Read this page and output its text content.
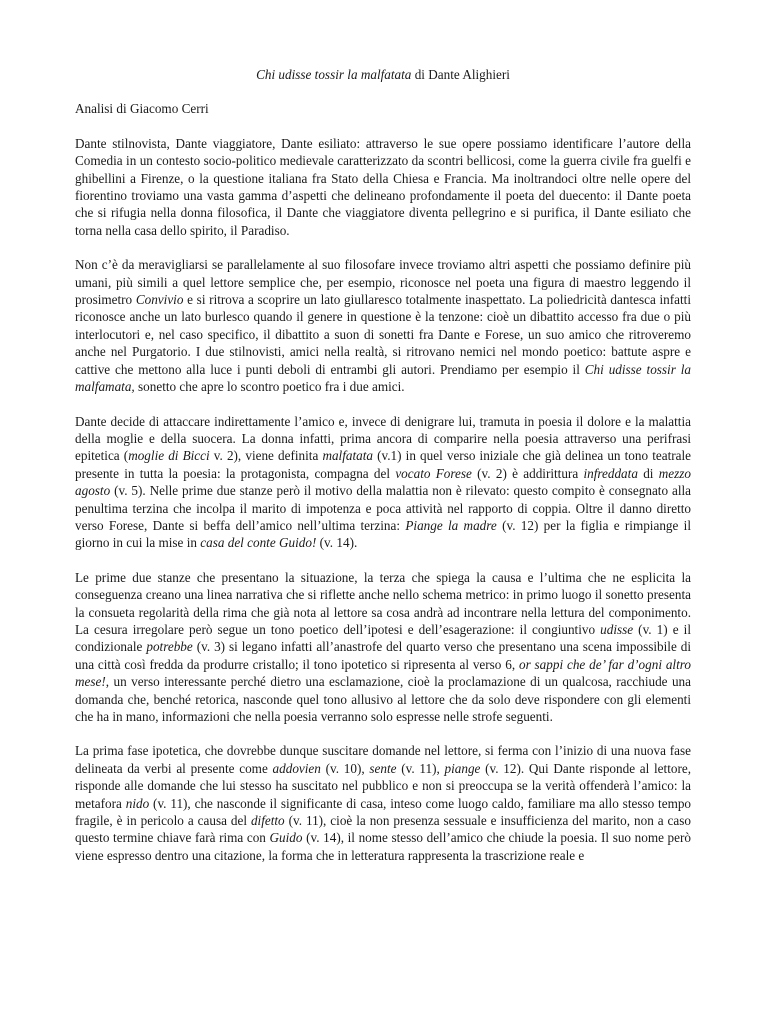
Chi udisse tossir la malfatata di Dante Alighieri
Analisi di Giacomo Cerri

Dante stilnovista, Dante viaggiatore, Dante esiliato: attraverso le sue opere possiamo identificare l’autore della Comedia in un contesto socio-politico medievale caratterizzato da scontri bellicosi, come la guerra civile fra guelfi e ghibellini a Firenze, o la questione italiana fra Stato della Chiesa e Francia. Ma inoltrandoci oltre nelle opere del fiorentino troviamo una vasta gamma d’aspetti che delineano profondamente il poeta del duecento: il Dante poeta che si rifugia nella donna filosofica, il Dante che viaggiatore diventa pellegrino e si purifica, il Dante esiliato che torna nella casa dello spirito, il Paradiso.

Non c’è da meravigliarsi se parallelamente al suo filosofare invece troviamo altri aspetti che possiamo definire più umani, più simili a quel lettore semplice che, per esempio, riconosce nel poeta una figura di maestro leggendo il prosimetro Convivio e si ritrova a scoprire un lato giullaresco totalmente inaspettato. La poliedricità dantesca infatti riconosce anche un lato burlesco quando il genere in questione è la tenzone: cioè un dibattito accesso fra due o più interlocutori e, nel caso specifico, il dibattito a suon di sonetti fra Dante e Forese, un suo amico che ritroveremo anche nel Purgatorio. I due stilnovisti, amici nella realtà, si ritrovano nemici nel mondo poetico: battute aspre e cattive che mettono alla luce i punti deboli di entrambi gli autori. Prendiamo per esempio il Chi udisse tossir la malfamata, sonetto che apre lo scontro poetico fra i due amici.

Dante decide di attaccare indirettamente l’amico e, invece di denigrare lui, tramuta in poesia il dolore e la malattia della moglie e della suocera. La donna infatti, prima ancora di comparire nella poesia attraverso una perifrasi epitetica (moglie di Bicci v. 2), viene definita malfatata (v.1) in quel verso iniziale che già delinea un tono teatrale presente in tutta la poesia: la protagonista, compagna del vocato Forese (v. 2) è addirittura infreddata di mezzo agosto (v. 5). Nelle prime due stanze però il motivo della malattia non è rilevato: questo compito è consegnato alla penultima terzina che incolpa il marito di impotenza e poca attività nel rapporto di coppia. Oltre il danno diretto verso Forese, Dante si beffa dell’amico nell’ultima terzina: Piange la madre (v. 12) per la figlia e rimpiange il giorno in cui la mise in casa del conte Guido! (v. 14).

Le prime due stanze che presentano la situazione, la terza che spiega la causa e l’ultima che ne esplicita la conseguenza creano una linea narrativa che si riflette anche nello schema metrico: in primo luogo il sonetto presenta la consueta regolarità della rima che già nota al lettore sa cosa andrà ad incontrare nella lettura del componimento. La cesura irregolare però segue un tono poetico dell’ipotesi e dell’esagerazione: il congiuntivo udisse (v. 1) e il condizionale potrebbe (v. 3) si legano infatti all’anastrofe del quarto verso che presentano una scena impossibile di una città così fredda da produrre cristallo; il tono ipotetico si ripresenta al verso 6, or sappi che de’ far d’ogni altro mese!, un verso interessante perché dietro una esclamazione, cioè la proclamazione di un qualcosa, racchiude una domanda che, benché retorica, nasconde quel tono allusivo al lettore che da solo deve rispondere con gli elementi che ha in mano, informazioni che nella poesia verranno solo espresse nelle strofe seguenti.

La prima fase ipotetica, che dovrebbe dunque suscitare domande nel lettore, si ferma con l’inizio di una nuova fase delineata da verbi al presente come addovien (v. 10), sente (v. 11), piange (v. 12). Qui Dante risponde al lettore, risponde alle domande che lui stesso ha suscitato nel pubblico e non si preoccupa se la verità offenderà l’amico: la metafora nido (v. 11), che nasconde il significante di casa, inteso come luogo caldo, familiare ma allo stesso tempo fragile, è in pericolo a causa del difetto (v. 11), cioè la non presenza sessuale e insufficienza del marito, non a caso questo termine chiave farà rima con Guido (v. 14), il nome stesso dell’amico che chiude la poesia. Il suo nome però viene espresso dentro una citazione, la forma che in letteratura rappresenta la trascrizione reale e
